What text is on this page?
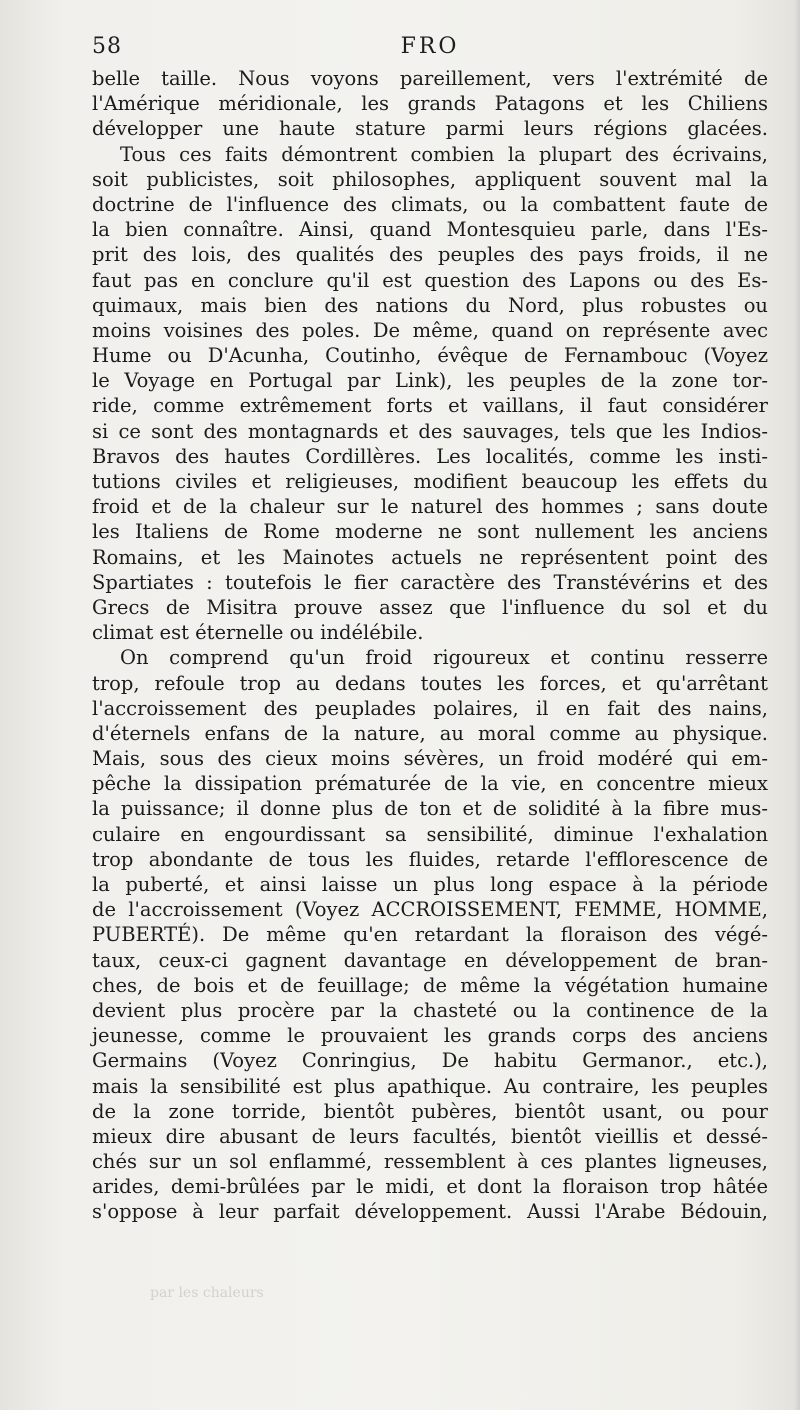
58	FRO
belle taille. Nous voyons pareillement, vers l'extrémité de
l'Amérique méridionale, les grands Patagons et les Chiliens
développer une haute stature parmi leurs régions glacées.
Tous ces faits démontrent combien la plupart des écrivains,
soit publicistes, soit philosophes, appliquent souvent mal la
doctrine de l'influence des climats, ou la combattent faute de
la bien connaître. Ainsi, quand Montesquieu parle, dans l'Es-
prit des lois, des qualités des peuples des pays froids, il ne
faut pas en conclure qu'il est question des Lapons ou des Es-
quimaux, mais bien des nations du Nord, plus robustes ou
moins voisines des poles. De même, quand on représente avec
Hume ou D'Acunha, Coutinho, évêque de Fernambouc (Voyez
le Voyage en Portugal par Link), les peuples de la zone tor-
ride, comme extrêmement forts et vaillans, il faut considérer
si ce sont des montagnards et des sauvages, tels que les Indios-
Bravos des hautes Cordillères. Les localités, comme les insti-
tutions civiles et religieuses, modifient beaucoup les effets du
froid et de la chaleur sur le naturel des hommes ; sans doute
les Italiens de Rome moderne ne sont nullement les anciens
Romains, et les Mainotes actuels ne représentent point des
Spartiates : toutefois le fier caractère des Transtévérins et des
Grecs de Misitra prouve assez que l'influence du sol et du
climat est éternelle ou indélébile.
On comprend qu'un froid rigoureux et continu resserre
trop, refoule trop au dedans toutes les forces, et qu'arrêtant
l'accroissement des peuplades polaires, il en fait des nains,
d'éternels enfans de la nature, au moral comme au physique.
Mais, sous des cieux moins sévères, un froid modéré qui em-
pêche la dissipation prématurée de la vie, en concentre mieux
la puissance; il donne plus de ton et de solidité à la fibre mus-
culaire en engourdissant sa sensibilité, diminue l'exhalation
trop abondante de tous les fluides, retarde l'efflorescence de
la puberté, et ainsi laisse un plus long espace à la période
de l'accroissement (Voyez ACCROISSEMENT, FEMME, HOMME,
PUBERTÉ). De même qu'en retardant la floraison des végé-
taux, ceux-ci gagnent davantage en développement de bran-
ches, de bois et de feuillage; de même la végétation humaine
devient plus procère par la chasteté ou la continence de la
jeunesse, comme le prouvaient les grands corps des anciens
Germains (Voyez Conringius, De habitu Germanor., etc.),
mais la sensibilité est plus apathique. Au contraire, les peuples
de la zone torride, bientôt pubères, bientôt usant, ou pour
mieux dire abusant de leurs facultés, bientôt vieillis et dessé-
chés sur un sol enflammé, ressemblent à ces plantes ligneuses,
arides, demi-brûlées par le midi, et dont la floraison trop hâtée
s'oppose à leur parfait développement. Aussi l'Arabe Bédouin,
par les chaleurs
